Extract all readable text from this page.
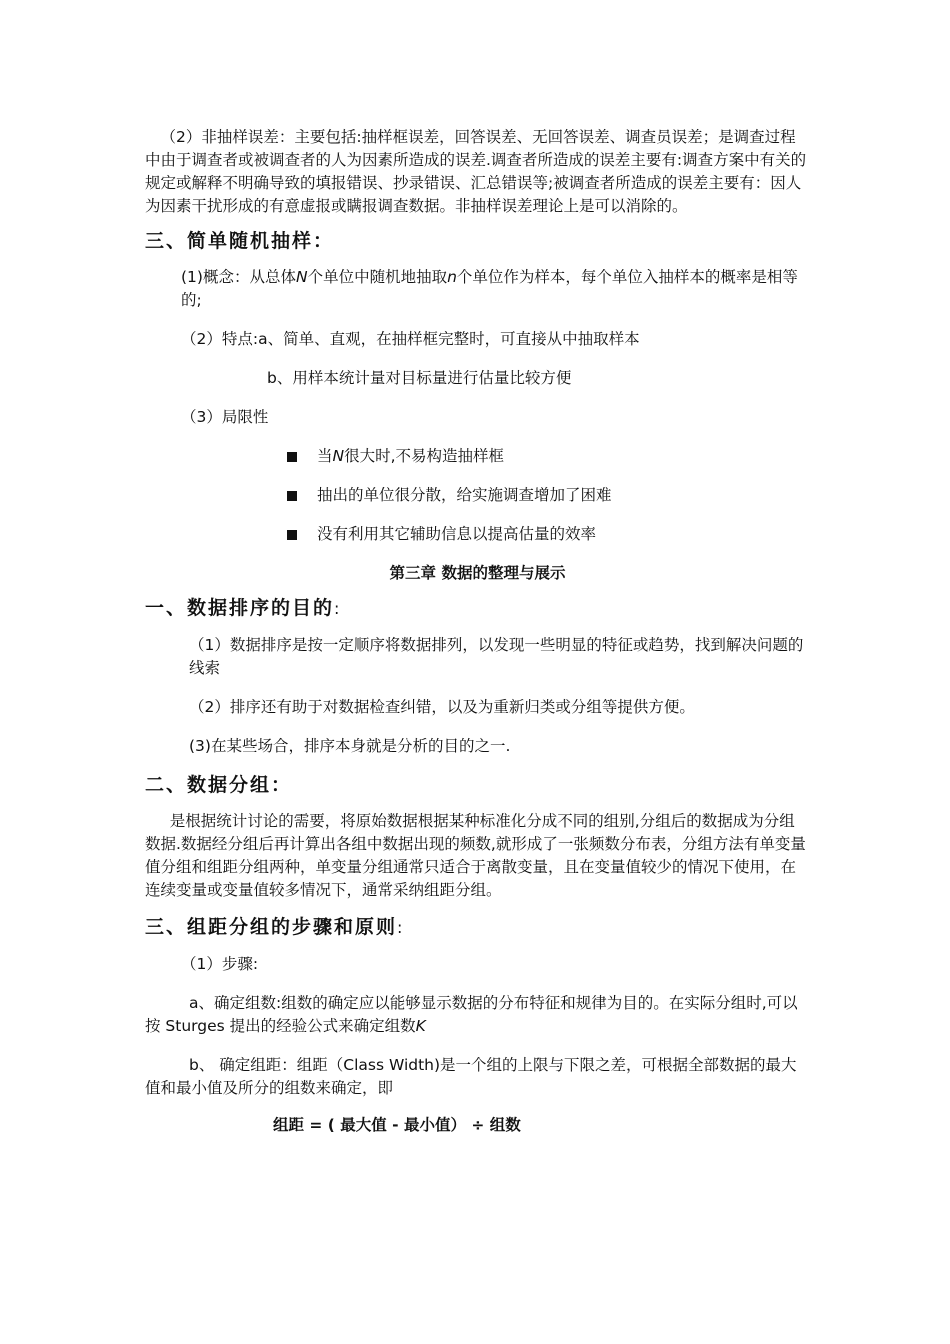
（2）非抽样误差：主要包括:抽样框误差，回答误差、无回答误差、调查员误差；是调查过程中由于调查者或被调查者的人为因素所造成的误差.调查者所造成的误差主要有:调查方案中有关的规定或解释不明确导致的填报错误、抄录错误、汇总错误等;被调查者所造成的误差主要有：因人为因素干扰形成的有意虚报或瞒报调查数据。非抽样误差理论上是可以消除的。

三、简单随机抽样：

(1)概念：从总体N个单位中随机地抽取n个单位作为样本，每个单位入抽样本的概率是相等的;

（2）特点:a、简单、直观，在抽样框完整时，可直接从中抽取样本

b、用样本统计量对目标量进行估量比较方便

（3）局限性

当N很大时,不易构造抽样框
抽出的单位很分散，给实施调查增加了困难
没有利用其它辅助信息以提高估量的效率

第三章 数据的整理与展示

一、数据排序的目的:

（1）数据排序是按一定顺序将数据排列，以发现一些明显的特征或趋势，找到解决问题的线索

（2）排序还有助于对数据检查纠错，以及为重新归类或分组等提供方便。

(3)在某些场合，排序本身就是分析的目的之一.

二、数据分组：

是根据统计讨论的需要，将原始数据根据某种标准化分成不同的组别,分组后的数据成为分组数据.数据经分组后再计算出各组中数据出现的频数,就形成了一张频数分布表，分组方法有单变量值分组和组距分组两种，单变量分组通常只适合于离散变量，且在变量值较少的情况下使用，在连续变量或变量值较多情况下，通常采纳组距分组。

三、组距分组的步骤和原则:

（1）步骤:

a、确定组数:组数的确定应以能够显示数据的分布特征和规律为目的。在实际分组时,可以按 Sturges 提出的经验公式来确定组数K

b、 确定组距：组距（Class Width)是一个组的上限与下限之差，可根据全部数据的最大值和最小值及所分的组数来确定，即

组距 = ( 最大值 - 最小值） ÷ 组数
